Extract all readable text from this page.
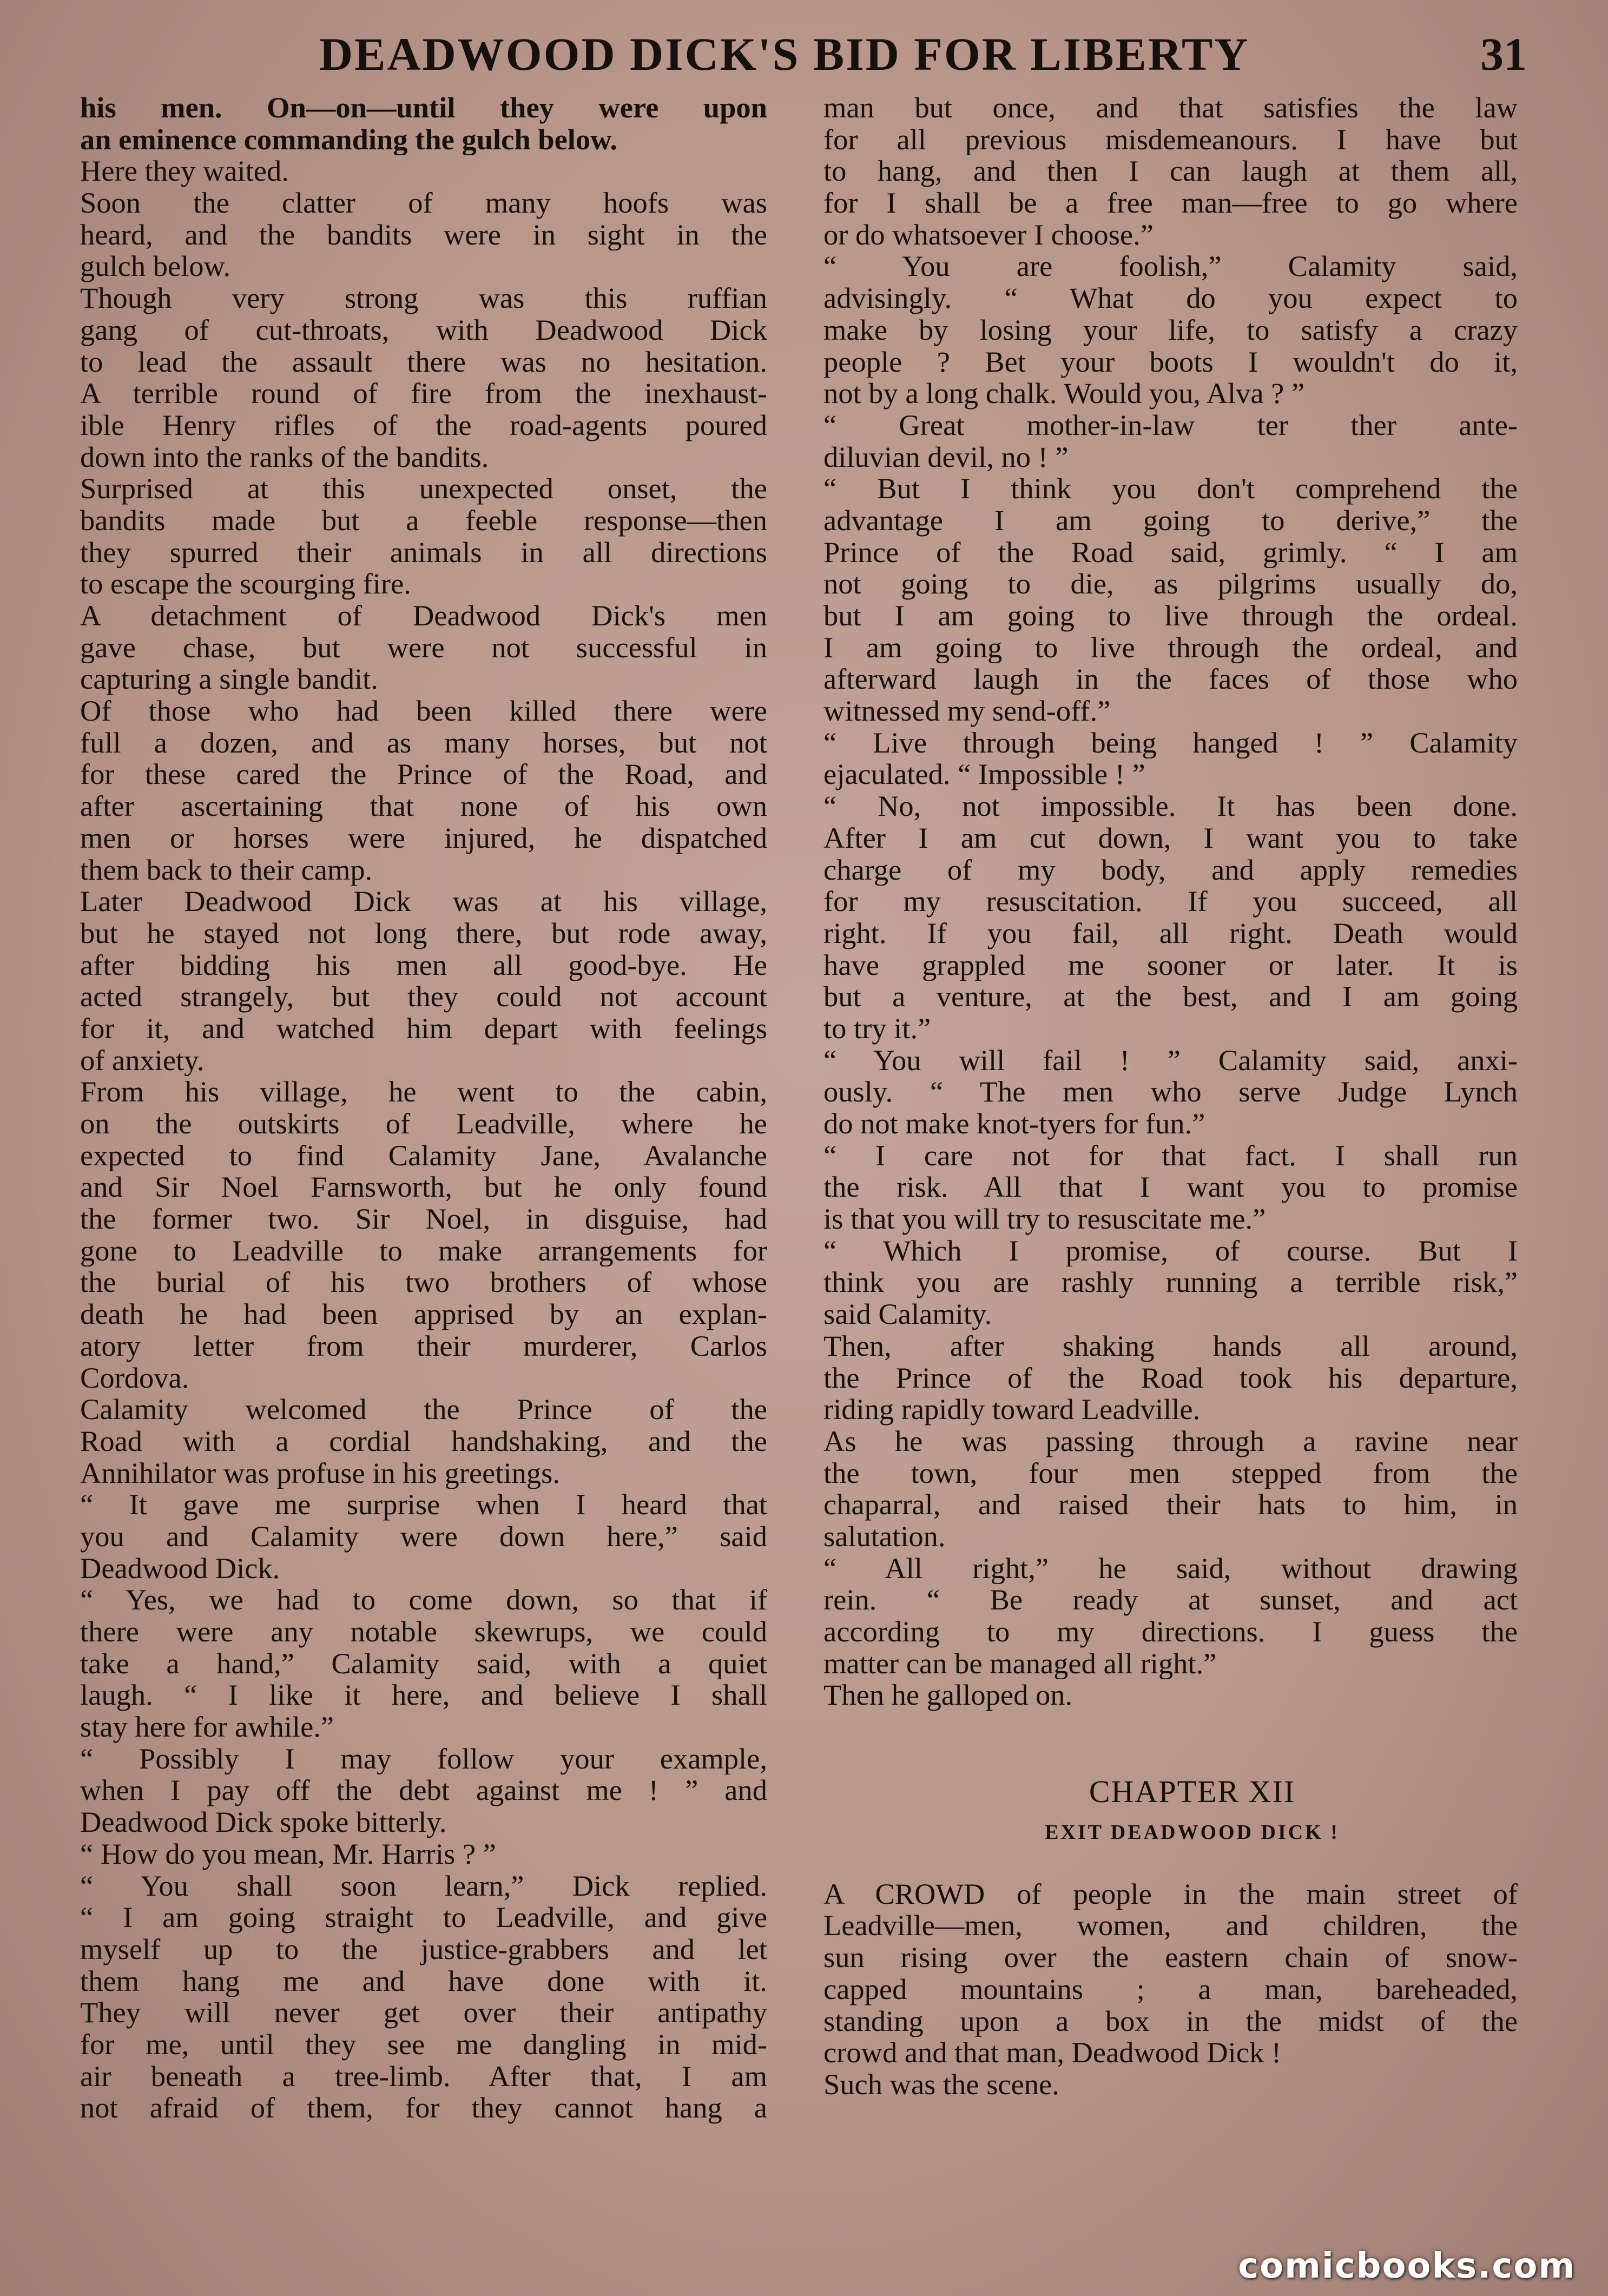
DEADWOOD DICK'S BID FOR LIBERTY	31
his men. On—on—until they were upon
an eminence commanding the gulch below.
Here they waited.
Soon the clatter of many hoofs was
heard, and the bandits were in sight in the
gulch below.
Though very strong was this ruffian
gang of cut-throats, with Deadwood Dick
to lead the assault there was no hesitation.
A terrible round of fire from the inexhaust-
ible Henry rifles of the road-agents poured
down into the ranks of the bandits.
Surprised at this unexpected onset, the
bandits made but a feeble response—then
they spurred their animals in all directions
to escape the scourging fire.
A detachment of Deadwood Dick's men
gave chase, but were not successful in
capturing a single bandit.
Of those who had been killed there were
full a dozen, and as many horses, but not
for these cared the Prince of the Road, and
after ascertaining that none of his own
men or horses were injured, he dispatched
them back to their camp.
Later Deadwood Dick was at his village,
but he stayed not long there, but rode away,
after bidding his men all good-bye. He
acted strangely, but they could not account
for it, and watched him depart with feelings
of anxiety.
From his village, he went to the cabin,
on the outskirts of Leadville, where he
expected to find Calamity Jane, Avalanche
and Sir Noel Farnsworth, but he only found
the former two. Sir Noel, in disguise, had
gone to Leadville to make arrangements for
the burial of his two brothers of whose
death he had been apprised by an explan-
atory letter from their murderer, Carlos
Cordova.
Calamity welcomed the Prince of the
Road with a cordial handshaking, and the
Annihilator was profuse in his greetings.
“ It gave me surprise when I heard that
you and Calamity were down here,” said
Deadwood Dick.
“ Yes, we had to come down, so that if
there were any notable skewrups, we could
take a hand,” Calamity said, with a quiet
laugh. “ I like it here, and believe I shall
stay here for awhile.”
“ Possibly I may follow your example,
when I pay off the debt against me ! ” and
Deadwood Dick spoke bitterly.
“ How do you mean, Mr. Harris ? ”
“ You shall soon learn,” Dick replied.
“ I am going straight to Leadville, and give
myself up to the justice-grabbers and let
them hang me and have done with it.
They will never get over their antipathy
for me, until they see me dangling in mid-
air beneath a tree-limb. After that, I am
not afraid of them, for they cannot hang a
man but once, and that satisfies the law
for all previous misdemeanours. I have but
to hang, and then I can laugh at them all,
for I shall be a free man—free to go where
or do whatsoever I choose.”
“ You are foolish,” Calamity said,
advisingly. “ What do you expect to
make by losing your life, to satisfy a crazy
people ? Bet your boots I wouldn't do it,
not by a long chalk. Would you, Alva ? ”
“ Great mother-in-law ter ther ante-
diluvian devil, no ! ”
“ But I think you don't comprehend the
advantage I am going to derive,” the
Prince of the Road said, grimly. “ I am
not going to die, as pilgrims usually do,
but I am going to live through the ordeal.
I am going to live through the ordeal, and
afterward laugh in the faces of those who
witnessed my send-off.”
“ Live through being hanged ! ” Calamity
ejaculated. “ Impossible ! ”
“ No, not impossible. It has been done.
After I am cut down, I want you to take
charge of my body, and apply remedies
for my resuscitation. If you succeed, all
right. If you fail, all right. Death would
have grappled me sooner or later. It is
but a venture, at the best, and I am going
to try it.”
“ You will fail ! ” Calamity said, anxi-
ously. “ The men who serve Judge Lynch
do not make knot-tyers for fun.”
“ I care not for that fact. I shall run
the risk. All that I want you to promise
is that you will try to resuscitate me.”
“ Which I promise, of course. But I
think you are rashly running a terrible risk,”
said Calamity.
Then, after shaking hands all around,
the Prince of the Road took his departure,
riding rapidly toward Leadville.
As he was passing through a ravine near
the town, four men stepped from the
chaparral, and raised their hats to him, in
salutation.
“ All right,” he said, without drawing
rein. “ Be ready at sunset, and act
according to my directions. I guess the
matter can be managed all right.”
Then he galloped on.
CHAPTER XII
EXIT DEADWOOD DICK !
A CROWD of people in the main street of
Leadville—men, women, and children, the
sun rising over the eastern chain of snow-
capped mountains ; a man, bareheaded,
standing upon a box in the midst of the
crowd and that man, Deadwood Dick !
Such was the scene.
comicbooks.com
